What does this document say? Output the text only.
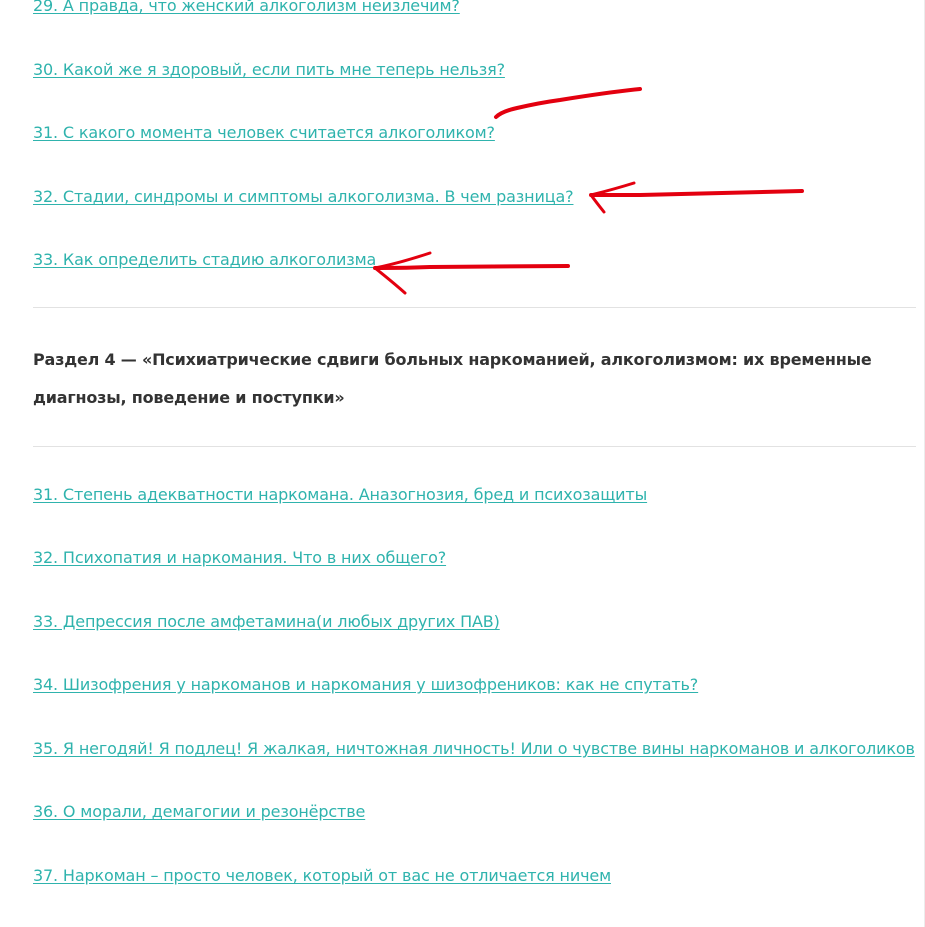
29. А правда, что женский алкоголизм неизлечим?
30. Какой же я здоровый, если пить мне теперь нельзя?
31. С какого момента человек считается алкоголиком?
32. Стадии, синдромы и симптомы алкоголизма. В чем разница?
33. Как определить стадию алкоголизма
Раздел 4 — «Психиатрические сдвиги больных наркоманией, алкоголизмом: их временные диагнозы, поведение и поступки»
31. Степень адекватности наркомана. Аназогнозия, бред и психозащиты
32. Психопатия и наркомания. Что в них общего?
33. Депрессия после амфетамина(и любых других ПАВ)
34. Шизофрения у наркоманов и наркомания у шизофреников: как не спутать?
35. Я негодяй! Я подлец! Я жалкая, ничтожная личность! Или о чувстве вины наркоманов и алкоголиков
36. О морали, демагогии и резонёрстве
37. Наркоман – просто человек, который от вас не отличается ничем
